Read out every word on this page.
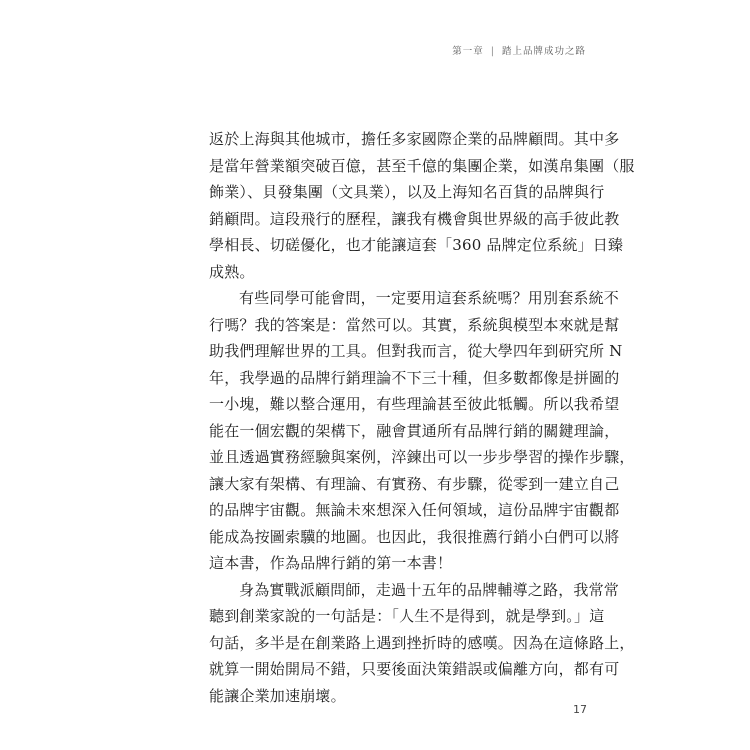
第一章 | 踏上品牌成功之路
返於上海與其他城市，擔任多家國際企業的品牌顧問。其中多
是當年營業額突破百億，甚至千億的集團企業，如漢帛集團（服
飾業）、貝發集團（文具業），以及上海知名百貨的品牌與行
銷顧問。這段飛行的歷程，讓我有機會與世界級的高手彼此教
學相長、切磋優化，也才能讓這套「360 品牌定位系統」日臻
成熟。
有些同學可能會問，一定要用這套系統嗎？用別套系統不
行嗎？我的答案是：當然可以。其實，系統與模型本來就是幫
助我們理解世界的工具。但對我而言，從大學四年到研究所 N
年，我學過的品牌行銷理論不下三十種，但多數都像是拼圖的
一小塊，難以整合運用，有些理論甚至彼此牴觸。所以我希望
能在一個宏觀的架構下，融會貫通所有品牌行銷的關鍵理論，
並且透過實務經驗與案例，淬鍊出可以一步步學習的操作步驟，
讓大家有架構、有理論、有實務、有步驟，從零到一建立自己
的品牌宇宙觀。無論未來想深入任何領域，這份品牌宇宙觀都
能成為按圖索驥的地圖。也因此，我很推薦行銷小白們可以將
這本書，作為品牌行銷的第一本書！
身為實戰派顧問師，走過十五年的品牌輔導之路，我常常
聽到創業家說的一句話是：「人生不是得到，就是學到。」這
句話，多半是在創業路上遇到挫折時的感嘆。因為在這條路上，
就算一開始開局不錯，只要後面決策錯誤或偏離方向，都有可
能讓企業加速崩壞。
17
